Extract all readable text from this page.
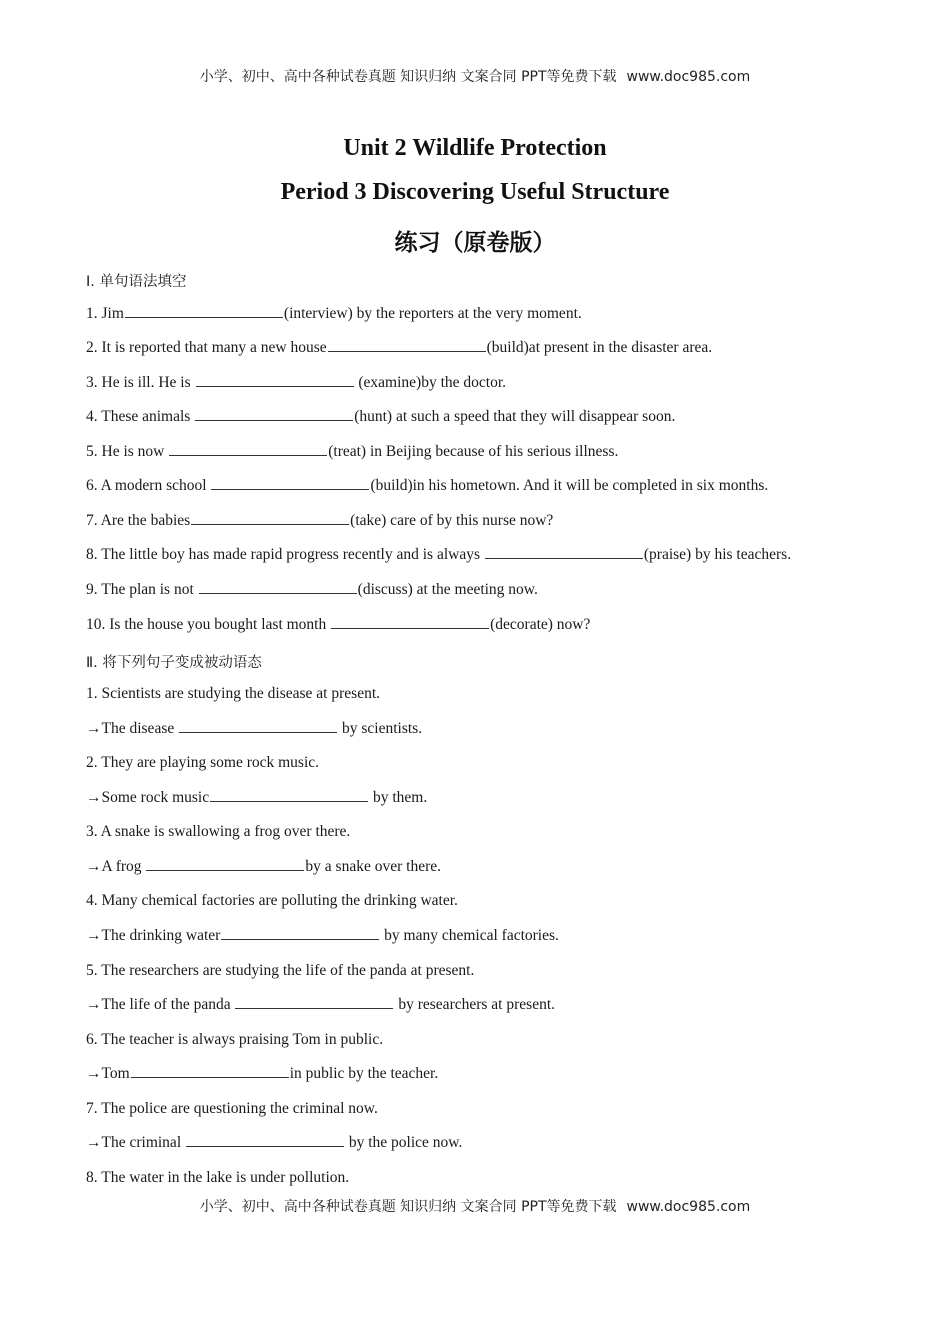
小学、初中、高中各种试卷真题 知识归纳 文案合同 PPT等免费下载 www.doc985.com
Unit 2 Wildlife Protection
Period 3 Discovering Useful Structure
练习（原卷版）
Ⅰ. 单句语法填空
1. Jim	(interview) by the reporters at the very moment.
2. It is reported that many a new house	(build)at present in the disaster area.
3. He is ill. He is	(examine)by the doctor.
4. These animals	(hunt) at such a speed that they will disappear soon.
5. He is now	(treat) in Beijing because of his serious illness.
6. A modern school	(build)in his hometown. And it will be completed in six months.
7. Are the babies	(take) care of by this nurse now?
8. The little boy has made rapid progress recently and is always	(praise) by his teachers.
9. The plan is not	(discuss) at the meeting now.
10. Is the house you bought last month	(decorate) now?
Ⅱ. 将下列句子变成被动语态
1. Scientists are studying the disease at present.
→The disease	by scientists.
2. They are playing some rock music.
→Some rock music	by them.
3. A snake is swallowing a frog over there.
→A frog	by a snake over there.
4. Many chemical factories are polluting the drinking water.
→The drinking water	by many chemical factories.
5. The researchers are studying the life of the panda at present.
→The life of the panda	by researchers at present.
6. The teacher is always praising Tom in public.
→Tom	in public by the teacher.
7. The police are questioning the criminal now.
→The criminal	by the police now.
8. The water in the lake is under pollution.
小学、初中、高中各种试卷真题 知识归纳 文案合同 PPT等免费下载 www.doc985.com
